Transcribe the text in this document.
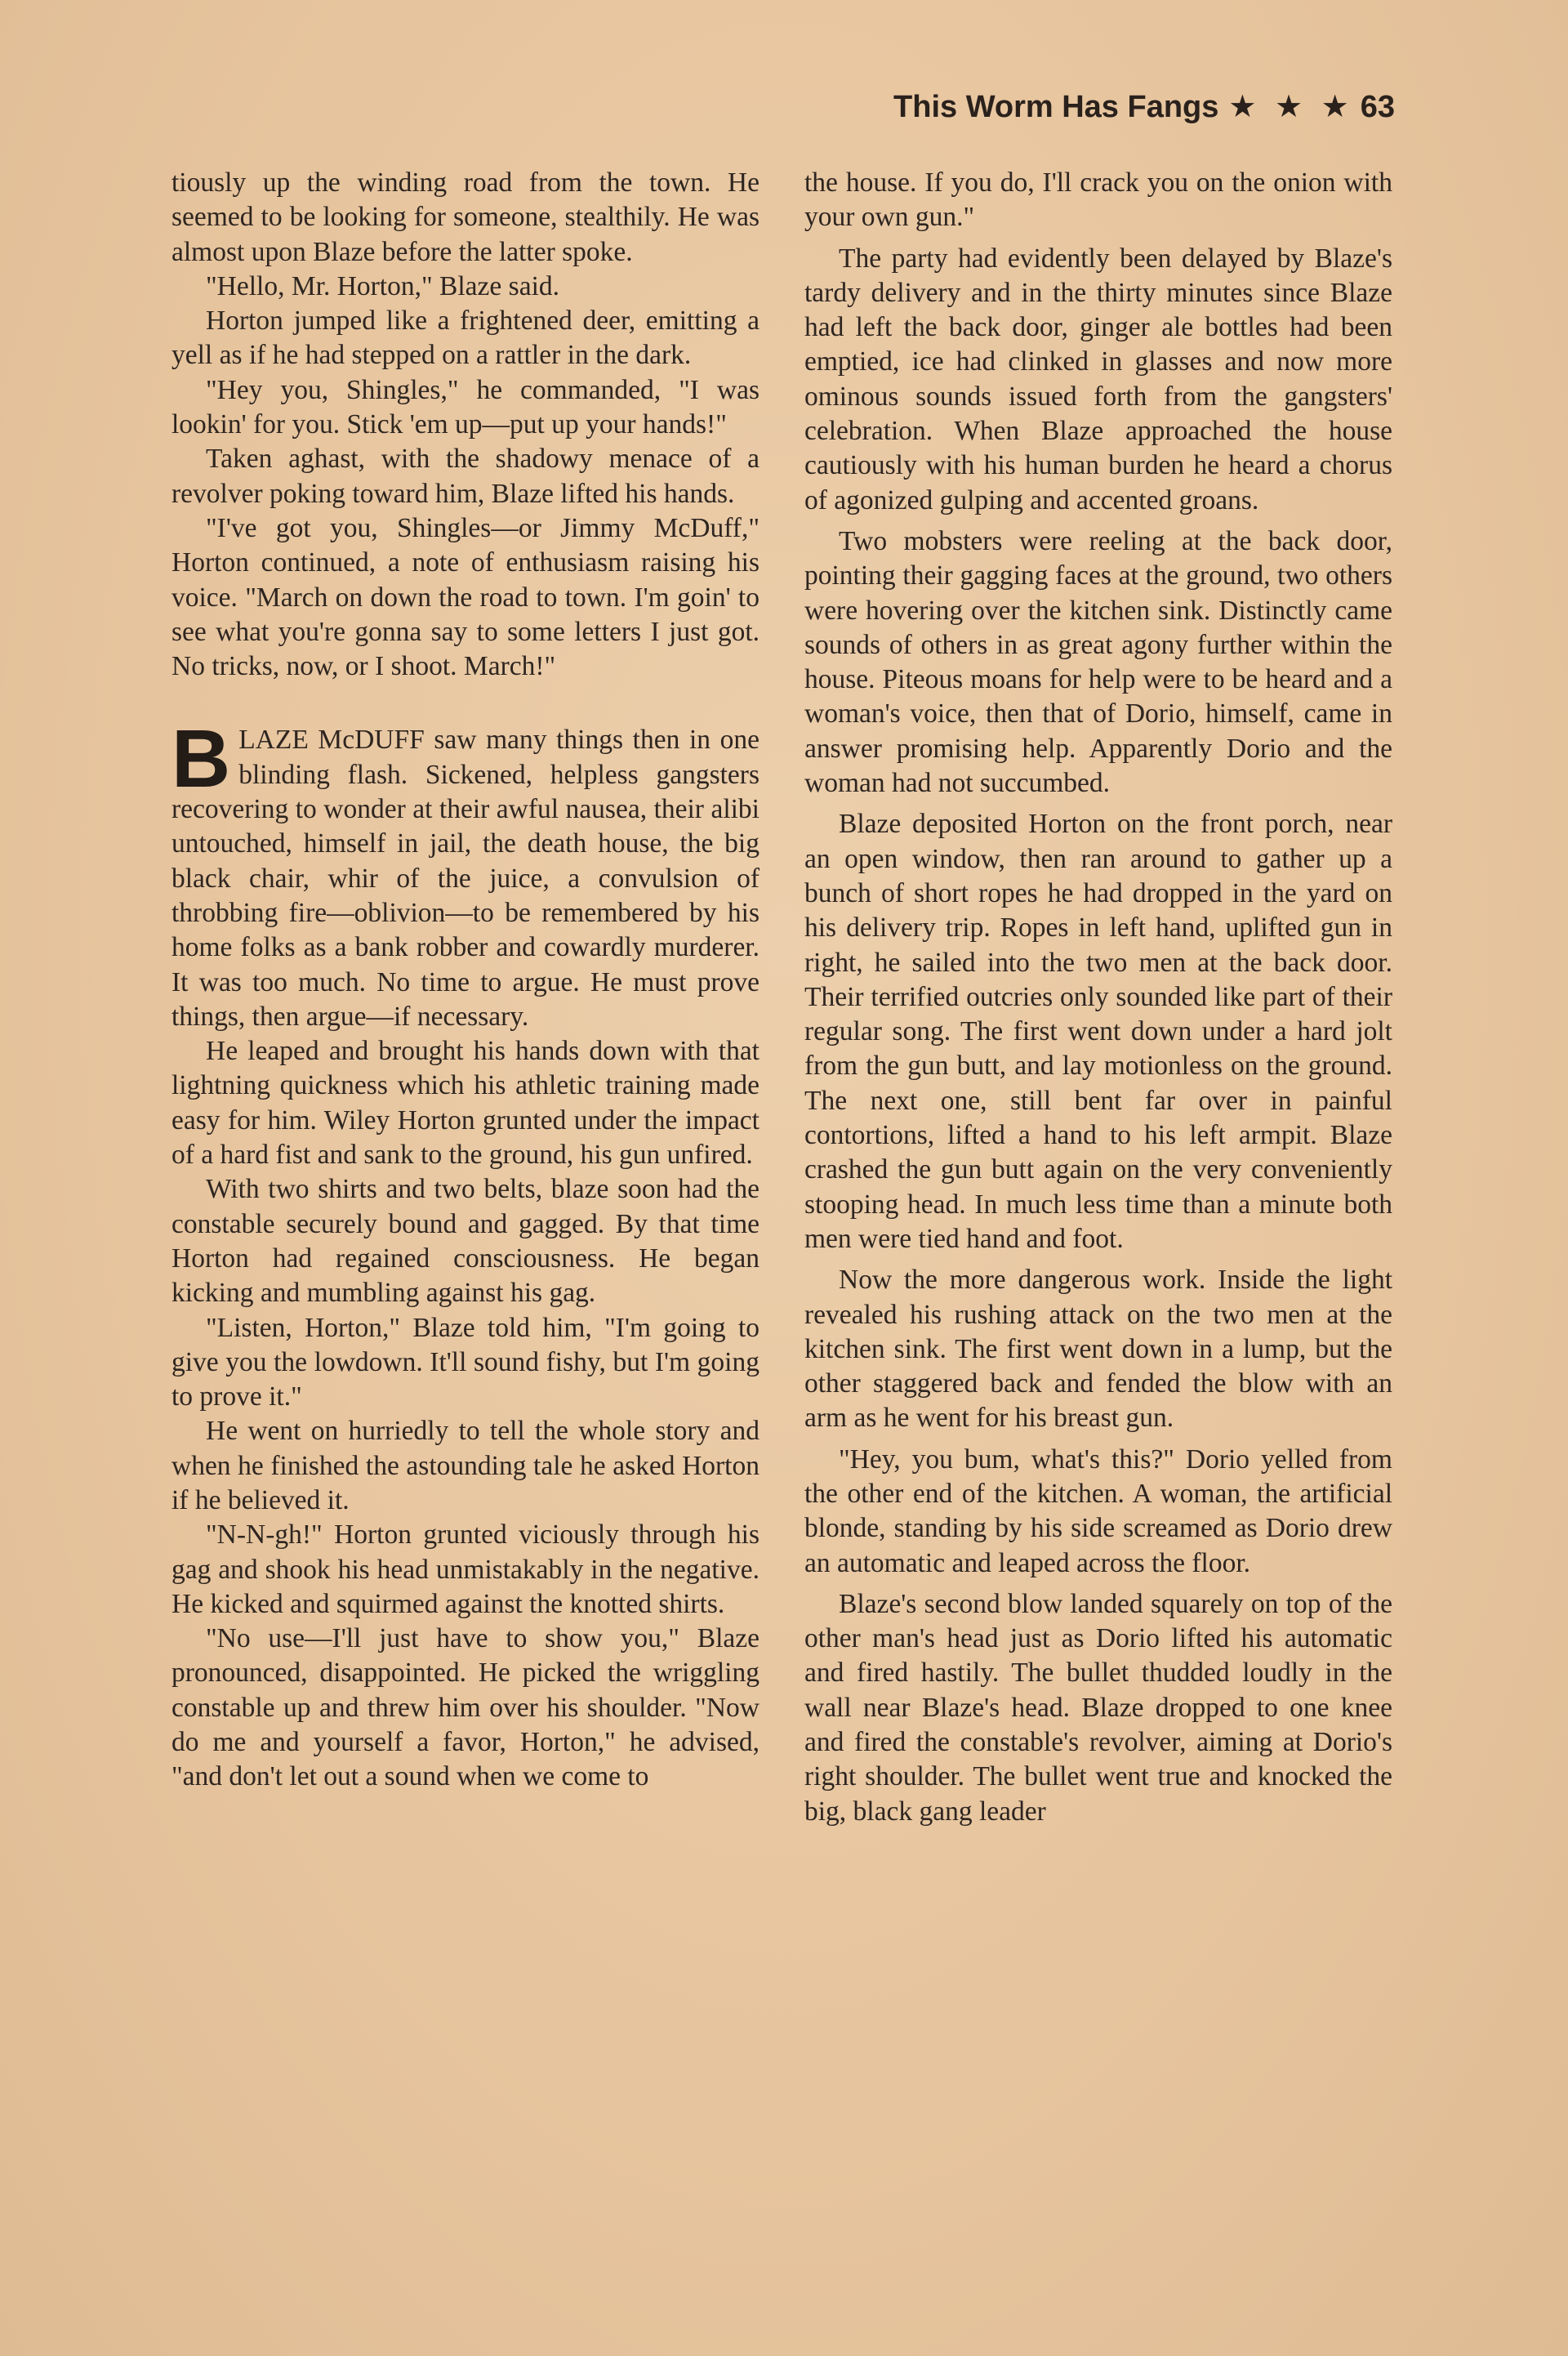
This Worm Has Fangs ★ ★ ★ 63

tiously up the winding road from the town. He seemed to be looking for someone, stealthily. He was almost upon Blaze before the latter spoke.

"Hello, Mr. Horton," Blaze said.

Horton jumped like a frightened deer, emitting a yell as if he had stepped on a rattler in the dark.

"Hey you, Shingles," he commanded, "I was lookin' for you. Stick 'em up—put up your hands!"

Taken aghast, with the shadowy menace of a revolver poking toward him, Blaze lifted his hands.

"I've got you, Shingles—or Jimmy McDuff," Horton continued, a note of enthusiasm raising his voice. "March on down the road to town. I'm goin' to see what you're gonna say to some letters I just got. No tricks, now, or I shoot. March!"

BLAZE McDUFF saw many things then in one blinding flash. Sickened, helpless gangsters recovering to wonder at their awful nausea, their alibi untouched, himself in jail, the death house, the big black chair, whir of the juice, a convulsion of throbbing fire—oblivion—to be remembered by his home folks as a bank robber and cowardly murderer. It was too much. No time to argue. He must prove things, then argue—if necessary.

He leaped and brought his hands down with that lightning quickness which his athletic training made easy for him. Wiley Horton grunted under the impact of a hard fist and sank to the ground, his gun unfired.

With two shirts and two belts, blaze soon had the constable securely bound and gagged. By that time Horton had regained consciousness. He began kicking and mumbling against his gag.

"Listen, Horton," Blaze told him, "I'm going to give you the lowdown. It'll sound fishy, but I'm going to prove it."

He went on hurriedly to tell the whole story and when he finished the astounding tale he asked Horton if he believed it.

"N-N-gh!" Horton grunted viciously through his gag and shook his head unmistakably in the negative. He kicked and squirmed against the knotted shirts.

"No use—I'll just have to show you," Blaze pronounced, disappointed. He picked the wriggling constable up and threw him over his shoulder. "Now do me and yourself a favor, Horton," he advised, "and don't let out a sound when we come to

the house. If you do, I'll crack you on the onion with your own gun."

The party had evidently been delayed by Blaze's tardy delivery and in the thirty minutes since Blaze had left the back door, ginger ale bottles had been emptied, ice had clinked in glasses and now more ominous sounds issued forth from the gangsters' celebration. When Blaze approached the house cautiously with his human burden he heard a chorus of agonized gulping and accented groans.

Two mobsters were reeling at the back door, pointing their gagging faces at the ground, two others were hovering over the kitchen sink. Distinctly came sounds of others in as great agony further within the house. Piteous moans for help were to be heard and a woman's voice, then that of Dorio, himself, came in answer promising help. Apparently Dorio and the woman had not succumbed.

Blaze deposited Horton on the front porch, near an open window, then ran around to gather up a bunch of short ropes he had dropped in the yard on his delivery trip. Ropes in left hand, uplifted gun in right, he sailed into the two men at the back door. Their terrified outcries only sounded like part of their regular song. The first went down under a hard jolt from the gun butt, and lay motionless on the ground. The next one, still bent far over in painful contortions, lifted a hand to his left armpit. Blaze crashed the gun butt again on the very conveniently stooping head. In much less time than a minute both men were tied hand and foot.

Now the more dangerous work. Inside the light revealed his rushing attack on the two men at the kitchen sink. The first went down in a lump, but the other staggered back and fended the blow with an arm as he went for his breast gun.

"Hey, you bum, what's this?" Dorio yelled from the other end of the kitchen. A woman, the artificial blonde, standing by his side screamed as Dorio drew an automatic and leaped across the floor.

Blaze's second blow landed squarely on top of the other man's head just as Dorio lifted his automatic and fired hastily. The bullet thudded loudly in the wall near Blaze's head. Blaze dropped to one knee and fired the constable's revolver, aiming at Dorio's right shoulder. The bullet went true and knocked the big, black gang leader
